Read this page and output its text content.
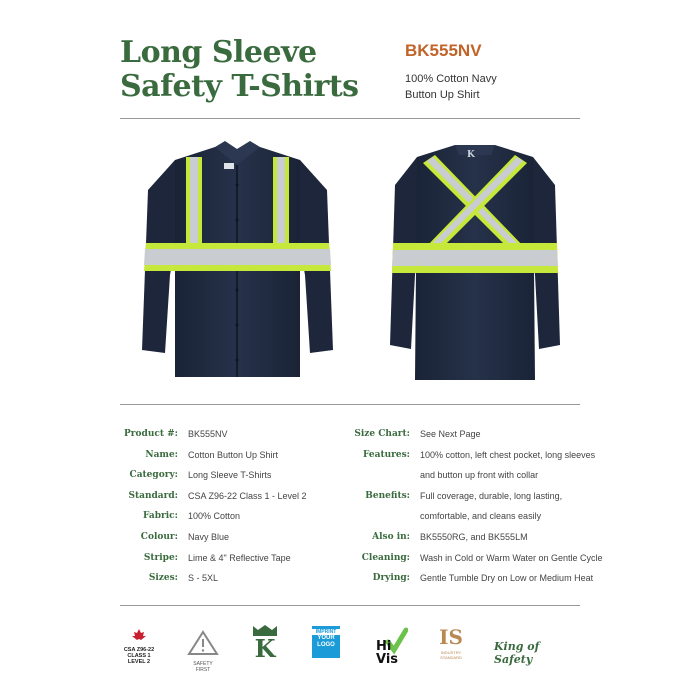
Long Sleeve
Safety T-Shirts
BK555NV
100% Cotton Navy
Button Up Shirt
K
Product #: BK555NV
Name: Cotton Button Up Shirt
Category: Long Sleeve T-Shirts
Standard: CSA Z96-22 Class 1 - Level 2
Fabric: 100% Cotton
Colour: Navy Blue
Stripe: Lime & 4" Reflective Tape
Sizes: S - 5XL
Size Chart: See Next Page
Features: 100% cotton, left chest pocket, long sleeves
and button up front with collar
Benefits: Full coverage, durable, long lasting,
comfortable, and cleans easily
Also in: BK5550RG, and BK555LM
Cleaning: Wash in Cold or Warm Water on Gentle Cycle
Drying: Gentle Tumble Dry on Low or Medium Heat
CSA Z96-22
CLASS 1
LEVEL 2	SAFETY FIRST
K
IMPRINT
YOUR
LOGO	Hi Vis
IS
INDUSTRY STANDARD
King of Safety
